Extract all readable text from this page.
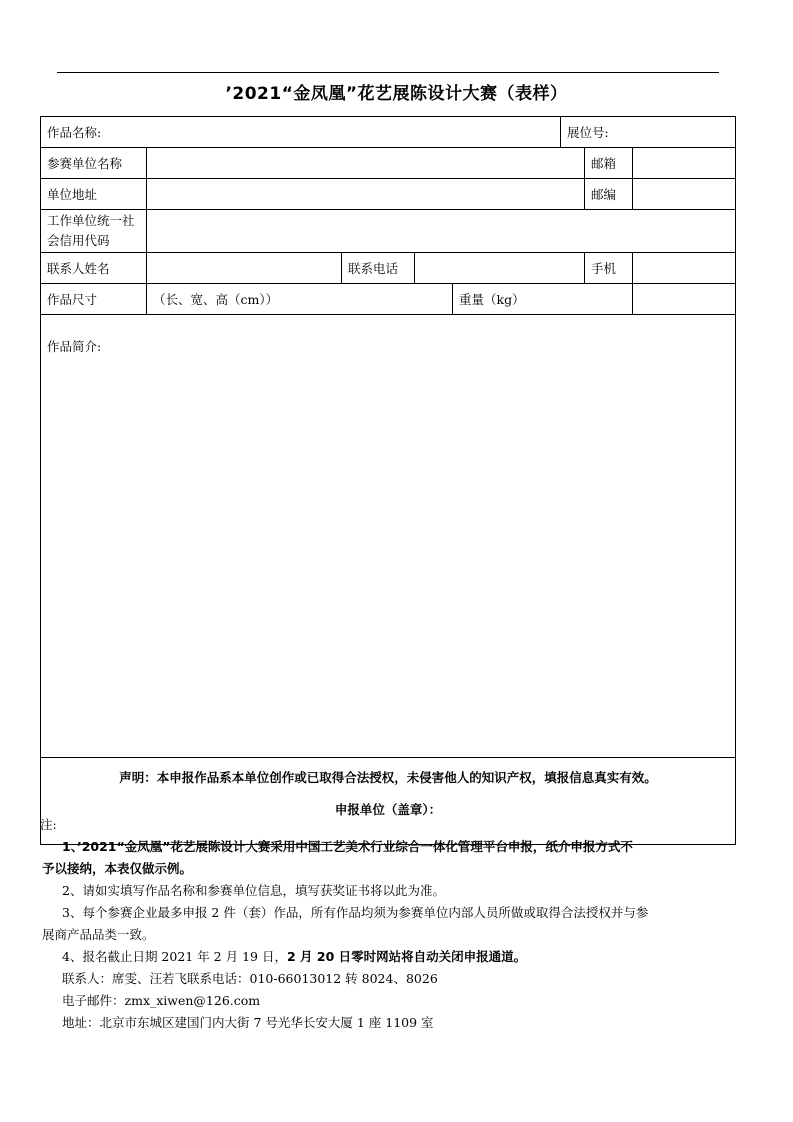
’2021“金凤凰”花艺展陈设计大赛（表样）
作品名称:					展位号:		
参赛单位名称						邮箱	
单位地址						邮编	
工作单位统一社会信用代码							
联系人姓名		联系电话				手机	
作品尺寸	（长、宽、高（cm））			重量（kg）			
作品简介:							

声明：本申报作品系本单位创作或已取得合法授权，未侵害他人的知识产权，填报信息真实有效。
申报单位（盖章）：							
注:
1、’2021“金凤凰”花艺展陈设计大赛采用中国工艺美术行业综合一体化管理平台申报，纸介申报方式不
予以接纳，本表仅做示例。
2、请如实填写作品名称和参赛单位信息，填写获奖证书将以此为准。
3、每个参赛企业最多申报 2 件（套）作品，所有作品均须为参赛单位内部人员所做或取得合法授权并与参
展商产品品类一致。
4、报名截止日期 2021 年 2 月 19 日，2 月 20 日零时网站将自动关闭申报通道。
联系人：席雯、汪若飞联系电话：010-66013012 转 8024、8026
电子邮件：zmx_xiwen@126.com
地址：北京市东城区建国门内大街 7 号光华长安大厦 1 座 1109 室
